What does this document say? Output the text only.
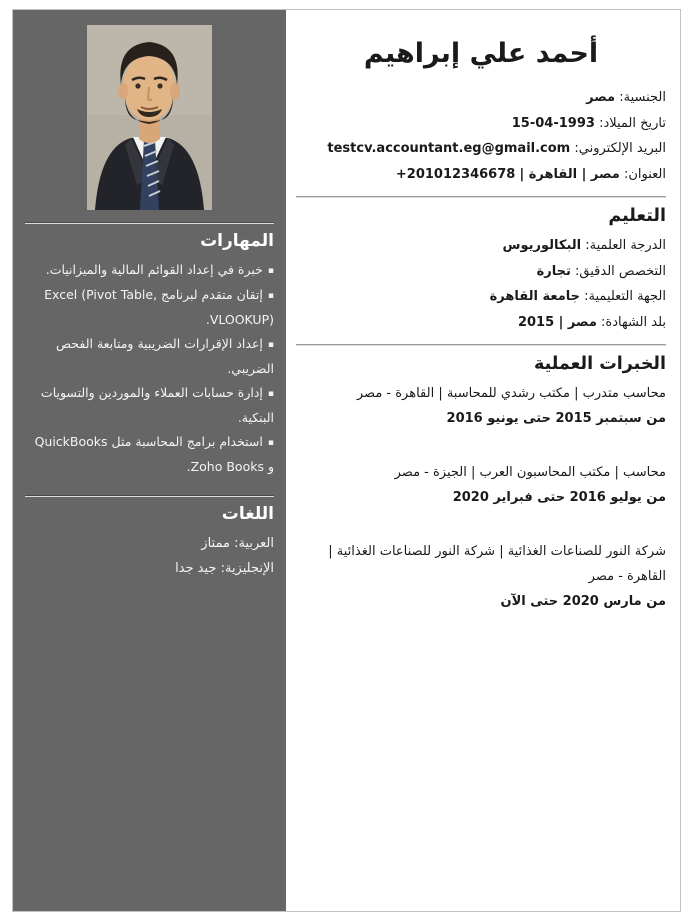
أحمد علي إبراهيم
الجنسية: مصر
تاريخ الميلاد: 1993-04-15
البريد الإلكتروني: testcv.accountant.eg@gmail.com
العنوان: مصر | القاهرة | +201012346678
التعليم
الدرجة العلمية: البكالوريوس
التخصص الدقيق: تجارة
الجهة التعليمية: جامعة القاهرة
بلد الشهادة: مصر | 2015
الخبرات العملية
محاسب متدرب | مكتب رشدي للمحاسبة | القاهرة - مصر
من سبتمبر 2015 حتى يونيو 2016
محاسب | مكتب المحاسبون العرب | الجيزة - مصر
من يوليو 2016 حتى فبراير 2020
شركة النور للصناعات الغذائية | شركة النور للصناعات الغذائية | القاهرة - مصر
من مارس 2020 حتى الآن
المهارات
▪خبرة في إعداد القوائم المالية والميزانيات.
▪إتقان متقدم لبرنامج Excel (Pivot Table, VLOOKUP).
▪إعداد الإقرارات الضريبية ومتابعة الفحص الضريبي.
▪إدارة حسابات العملاء والموردين والتسويات البنكية.
▪استخدام برامج المحاسبة مثل QuickBooks و Zoho Books.
اللغات
العربية: ممتاز
الإنجليزية: جيد جدا
